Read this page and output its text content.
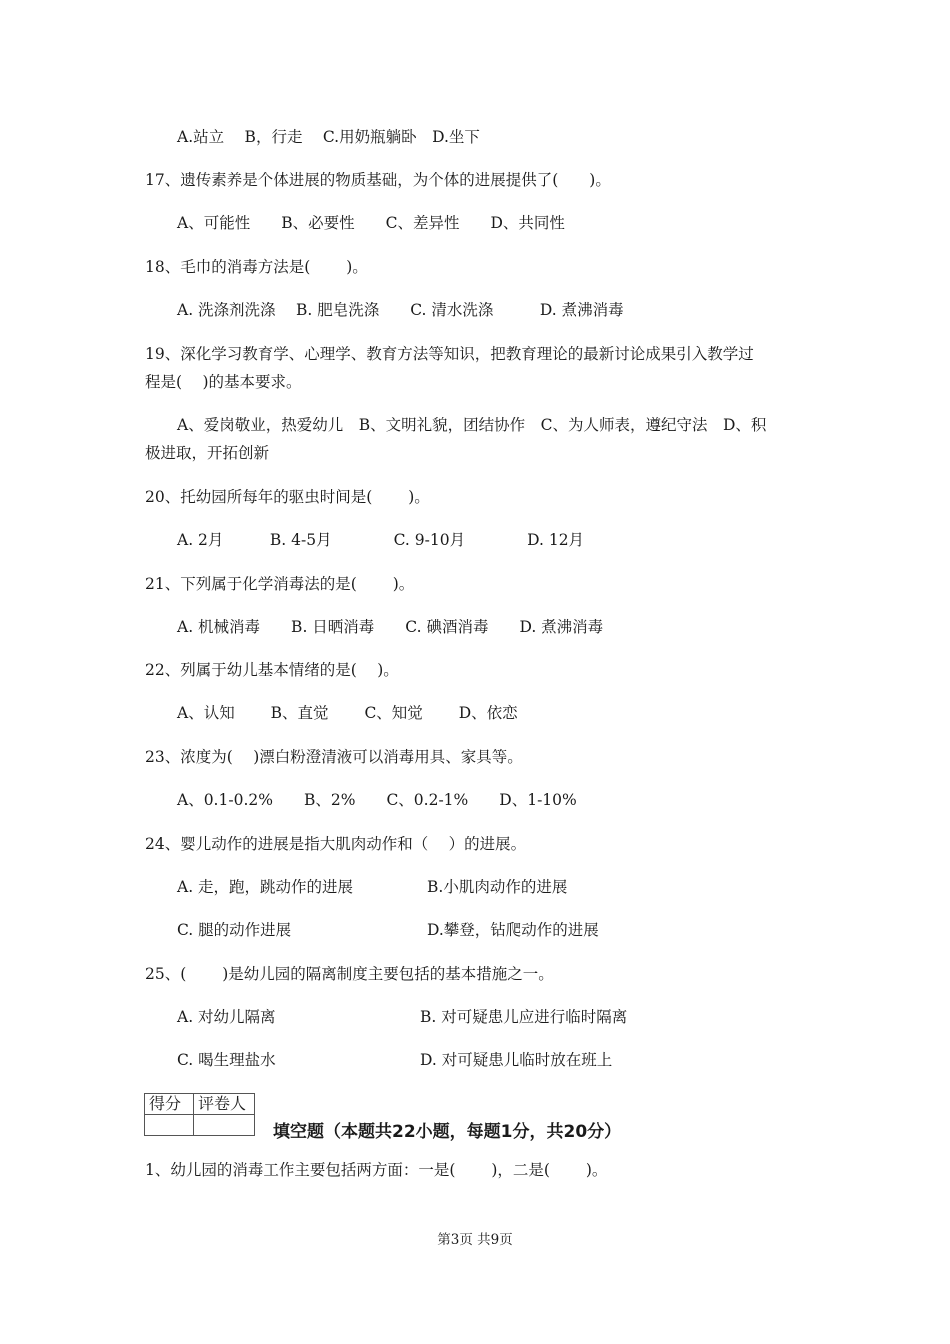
A.站立　 B，行走　 C.用奶瓶躺卧　D.坐下
17、遗传素养是个体进展的物质基础，为个体的进展提供了(　　)。
A、可能性　　B、必要性　　C、差异性　　D、共同性
18、毛巾的消毒方法是(　　 )。
A. 洗涤剂洗涤　 B. 肥皂洗涤　　C. 清水洗涤　　　D. 煮沸消毒
19、深化学习教育学、心理学、教育方法等知识，把教育理论的最新讨论成果引入教学过
程是(　 )的基本要求。
A、爱岗敬业，热爱幼儿　B、文明礼貌，团结协作　C、为人师表，遵纪守法　D、积
极进取，开拓创新
20、托幼园所每年的驱虫时间是(　　 )。
A. 2月　　　B. 4-5月　　　　C. 9-10月　　　　D. 12月
21、下列属于化学消毒法的是(　　 )。
A. 机械消毒　　B. 日晒消毒　　C. 碘酒消毒　　D. 煮沸消毒
22、列属于幼儿基本情绪的是(　 )。
A、认知　　 B、直觉　　 C、知觉　　 D、依恋
23、浓度为(　 )漂白粉澄清液可以消毒用具、家具等。
A、0.1-0.2%　　B、2%　　C、0.2-1%　　D、1-10%
24、婴儿动作的进展是指大肌肉动作和（　 ）的进展。
A. 走，跑，跳动作的进展	B.小肌肉动作的进展
C. 腿的动作进展	D.攀登，钻爬动作的进展
25、(　　 )是幼儿园的隔离制度主要包括的基本措施之一。
A. 对幼儿隔离	B. 对可疑患儿应进行临时隔离
C. 喝生理盐水	D. 对可疑患儿临时放在班上
得分	评卷人

填空题（本题共22小题，每题1分，共20分）
1、幼儿园的消毒工作主要包括两方面：一是(　　 )，二是(　　 )。
第3页 共9页
